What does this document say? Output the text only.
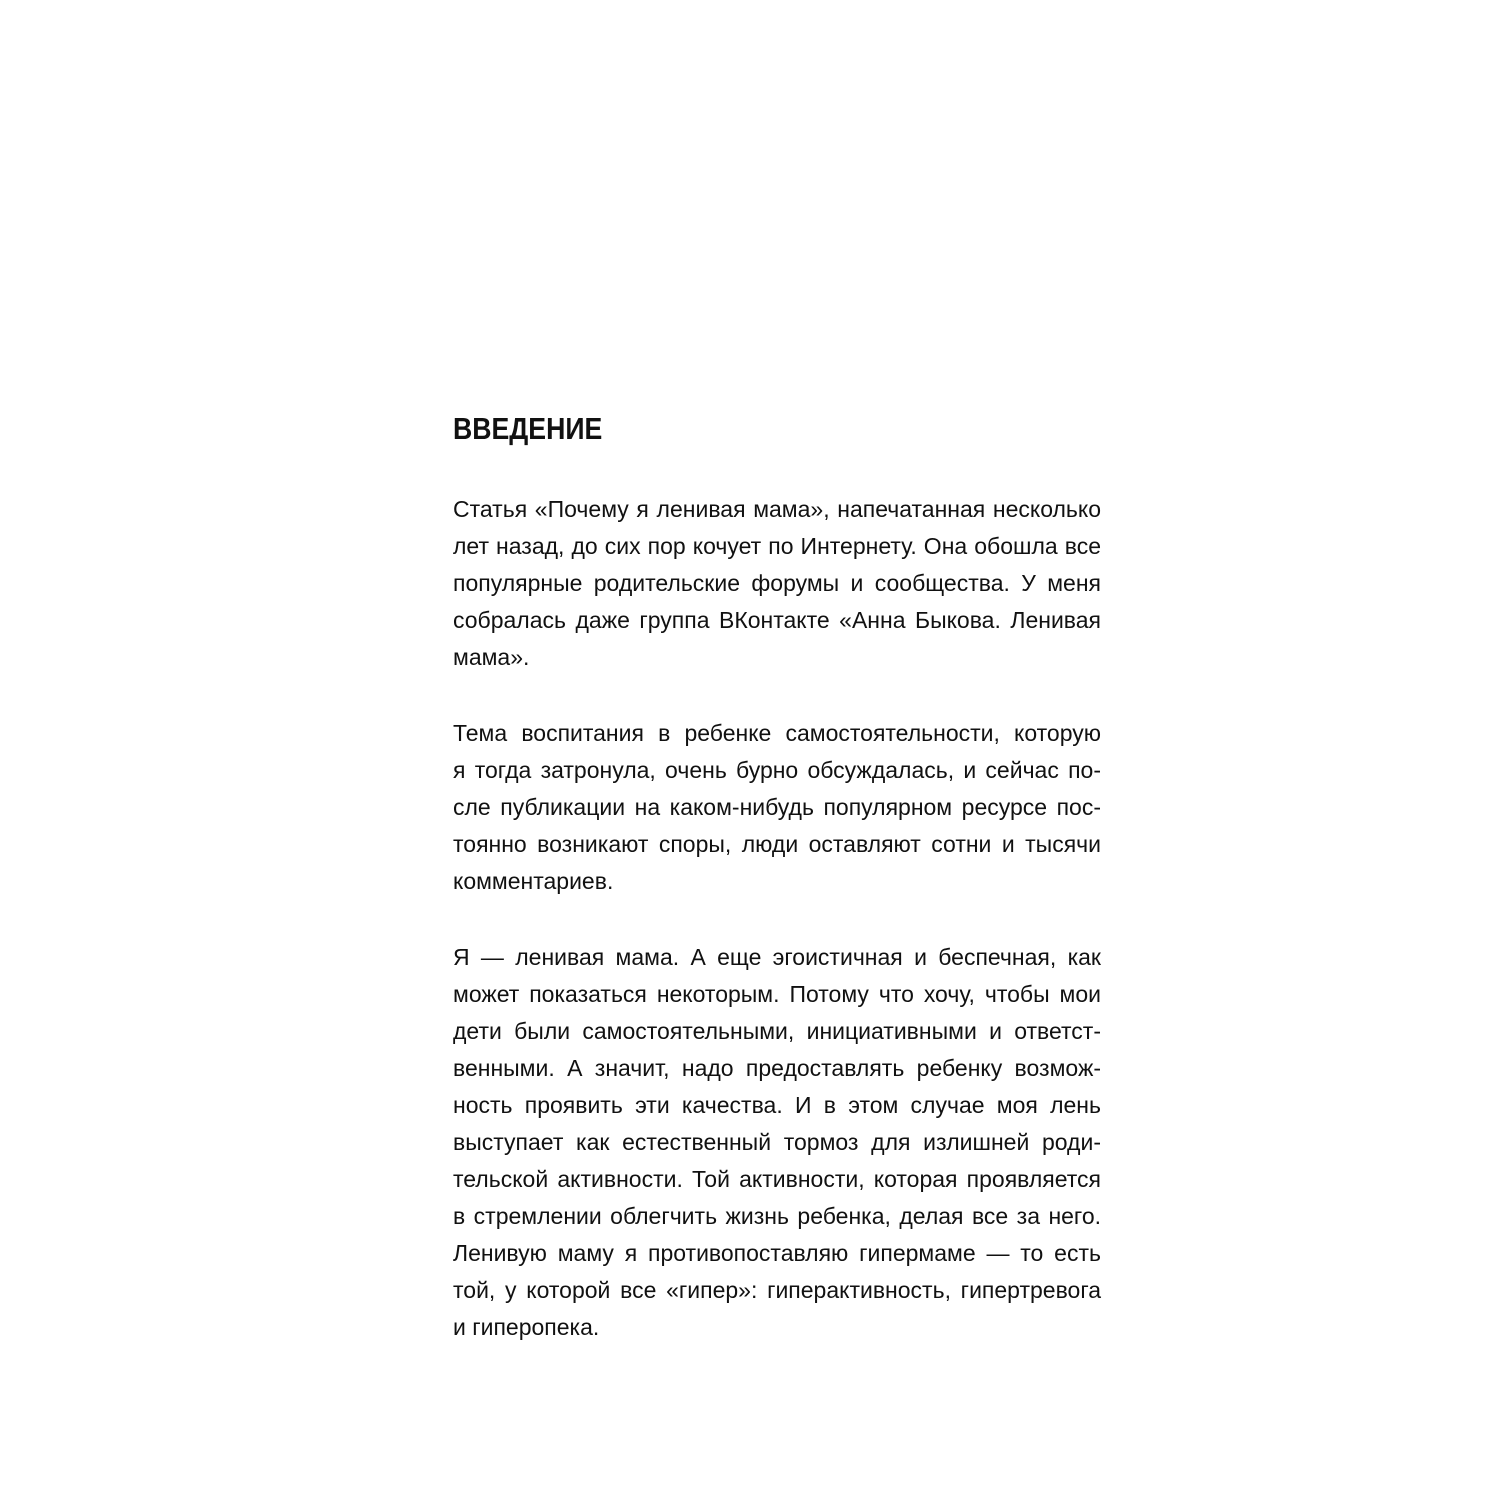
ВВЕДЕНИЕ
Статья «Почему я ленивая мама», напечатанная несколько
лет назад, до сих пор кочует по Интернету. Она обошла все
популярные родительские форумы и сообщества. У меня
собралась даже группа ВКонтакте «Анна Быкова. Ленивая
мама».
Тема воспитания в ребенке самостоятельности, которую
я тогда затронула, очень бурно обсуждалась, и сейчас по-
сле публикации на каком-нибудь популярном ресурсе пос-
тоянно возникают споры, люди оставляют сотни и тысячи
комментариев.
Я — ленивая мама. А еще эгоистичная и беспечная, как
может показаться некоторым. Потому что хочу, чтобы мои
дети были самостоятельными, инициативными и ответст-
венными. А значит, надо предоставлять ребенку возмож-
ность проявить эти качества. И в этом случае моя лень
выступает как естественный тормоз для излишней роди-
тельской активности. Той активности, которая проявляется
в стремлении облегчить жизнь ребенка, делая все за него.
Ленивую маму я противопоставляю гипермаме — то есть
той, у которой все «гипер»: гиперактивность, гипертревога
и гиперопека.
